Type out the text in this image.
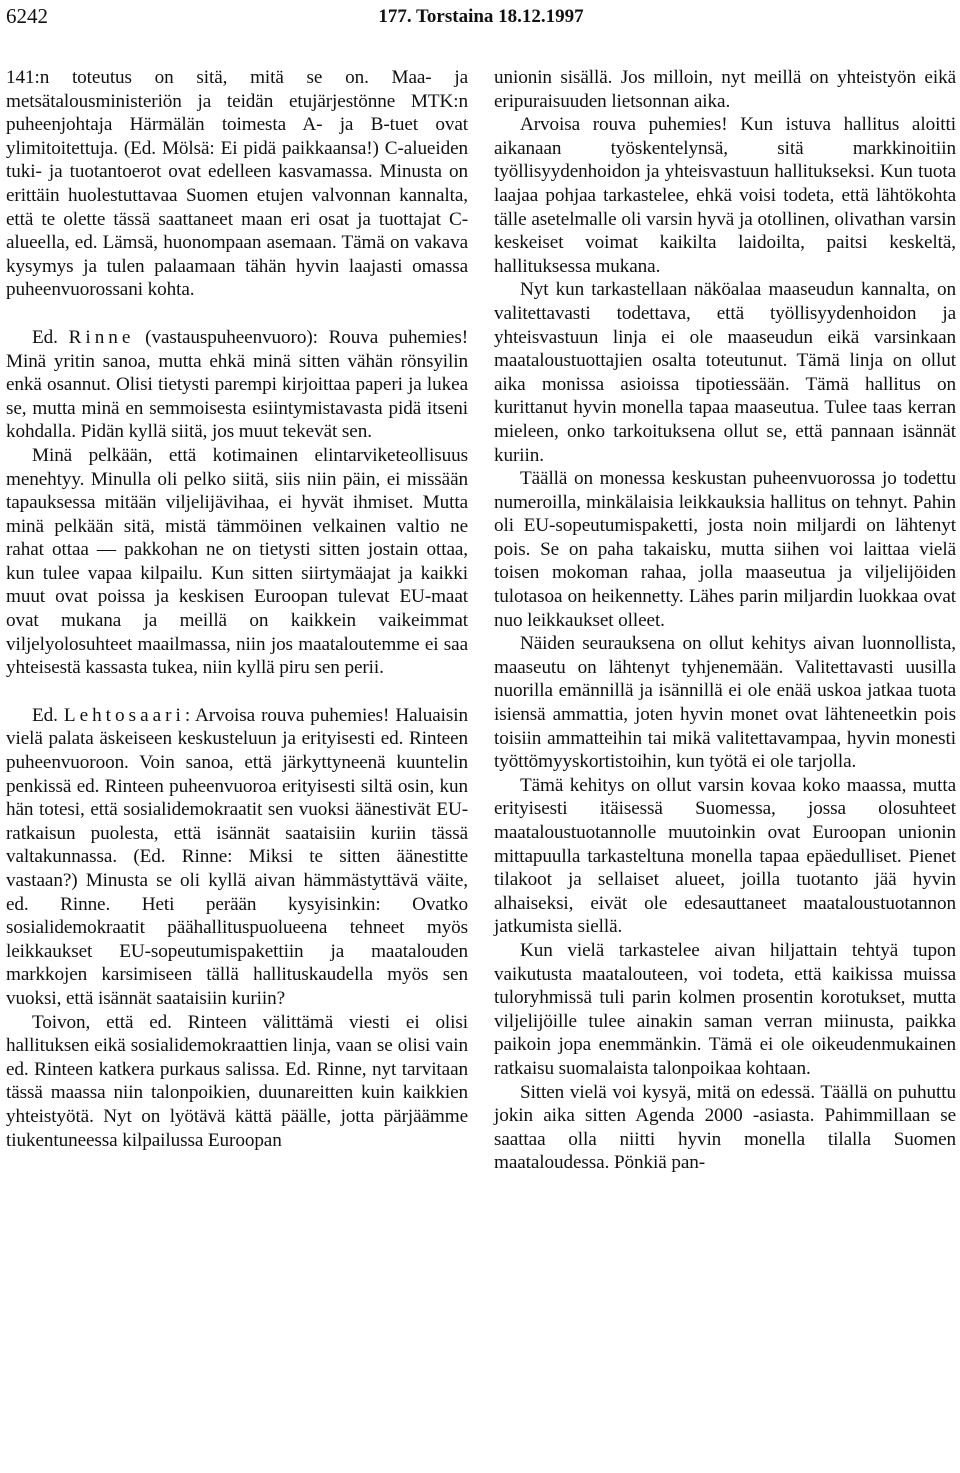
6242	177. Torstaina 18.12.1997

141:n toteutus on sitä, mitä se on. Maa- ja metsätalousministeriön ja teidän etujärjestönne MTK:n puheenjohtaja Härmälän toimesta A- ja B-tuet ovat ylimitoitettuja. (Ed. Mölsä: Ei pidä paikkaansa!) C-alueiden tuki- ja tuotantoerot ovat edelleen kasvamassa. Minusta on erittäin huolestuttavaa Suomen etujen valvonnan kannalta, että te olette tässä saattaneet maan eri osat ja tuottajat C-alueella, ed. Lämsä, huonompaan asemaan. Tämä on vakava kysymys ja tulen palaamaan tähän hyvin laajasti omassa puheenvuorossani kohta.

Ed. Rinne (vastauspuheenvuoro): Rouva puhemies! Minä yritin sanoa, mutta ehkä minä sitten vähän rönsyilin enkä osannut. Olisi tietysti parempi kirjoittaa paperi ja lukea se, mutta minä en semmoisesta esiintymistavasta pidä itseni kohdalla. Pidän kyllä siitä, jos muut tekevät sen.

Minä pelkään, että kotimainen elintarviketeollisuus menehtyy. Minulla oli pelko siitä, siis niin päin, ei missään tapauksessa mitään viljelijävihaa, ei hyvät ihmiset. Mutta minä pelkään sitä, mistä tämmöinen velkainen valtio ne rahat ottaa — pakkohan ne on tietysti sitten jostain ottaa, kun tulee vapaa kilpailu. Kun sitten siirtymäajat ja kaikki muut ovat poissa ja keskisen Euroopan tulevat EU-maat ovat mukana ja meillä on kaikkein vaikeimmat viljelyolosuhteet maailmassa, niin jos maataloutemme ei saa yhteisestä kassasta tukea, niin kyllä piru sen perii.

Ed. Lehtosaari: Arvoisa rouva puhemies! Haluaisin vielä palata äskeiseen keskusteluun ja erityisesti ed. Rinteen puheenvuoroon. Voin sanoa, että järkyttyneenä kuuntelin penkissä ed. Rinteen puheenvuoroa erityisesti siltä osin, kun hän totesi, että sosialidemokraatit sen vuoksi äänestivät EU-ratkaisun puolesta, että isännät saataisiin kuriin tässä valtakunnassa. (Ed. Rinne: Miksi te sitten äänestitte vastaan?) Minusta se oli kyllä aivan hämmästyttävä väite, ed. Rinne. Heti perään kysyisinkin: Ovatko sosialidemokraatit päähallituspuolueena tehneet myös leikkaukset EU-sopeutumispakettiin ja maatalouden markkojen karsimiseen tällä hallituskaudella myös sen vuoksi, että isännät saataisiin kuriin?

Toivon, että ed. Rinteen välittämä viesti ei olisi hallituksen eikä sosialidemokraattien linja, vaan se olisi vain ed. Rinteen katkera purkaus salissa. Ed. Rinne, nyt tarvitaan tässä maassa niin talonpoikien, duunareitten kuin kaikkien yhteistyötä. Nyt on lyötävä kättä päälle, jotta pärjäämme tiukentuneessa kilpailussa Euroopan

unionin sisällä. Jos milloin, nyt meillä on yhteistyön eikä eripuraisuuden lietsonnan aika.

Arvoisa rouva puhemies! Kun istuva hallitus aloitti aikanaan työskentelynsä, sitä markkinoitiin työllisyydenhoidon ja yhteisvastuun hallitukseksi. Kun tuota laajaa pohjaa tarkastelee, ehkä voisi todeta, että lähtökohta tälle asetelmalle oli varsin hyvä ja otollinen, olivathan varsin keskeiset voimat kaikilta laidoilta, paitsi keskeltä, hallituksessa mukana.

Nyt kun tarkastellaan näköalaa maaseudun kannalta, on valitettavasti todettava, että työllisyydenhoidon ja yhteisvastuun linja ei ole maaseudun eikä varsinkaan maataloustuottajien osalta toteutunut. Tämä linja on ollut aika monissa asioissa tipotiessään. Tämä hallitus on kurittanut hyvin monella tapaa maaseutua. Tulee taas kerran mieleen, onko tarkoituksena ollut se, että pannaan isännät kuriin.

Täällä on monessa keskustan puheenvuorossa jo todettu numeroilla, minkälaisia leikkauksia hallitus on tehnyt. Pahin oli EU-sopeutumispaketti, josta noin miljardi on lähtenyt pois. Se on paha takaisku, mutta siihen voi laittaa vielä toisen mokoman rahaa, jolla maaseutua ja viljelijöiden tulotasoa on heikennetty. Lähes parin miljardin luokkaa ovat nuo leikkaukset olleet.

Näiden seurauksena on ollut kehitys aivan luonnollista, maaseutu on lähtenyt tyhjenemään. Valitettavasti uusilla nuorilla emännillä ja isännillä ei ole enää uskoa jatkaa tuota isiensä ammattia, joten hyvin monet ovat lähteneetkin pois toisiin ammatteihin tai mikä valitettavampaa, hyvin monesti työttömyyskortistoihin, kun työtä ei ole tarjolla.

Tämä kehitys on ollut varsin kovaa koko maassa, mutta erityisesti itäisessä Suomessa, jossa olosuhteet maataloustuotannolle muutoinkin ovat Euroopan unionin mittapuulla tarkasteltuna monella tapaa epäedulliset. Pienet tilakoot ja sellaiset alueet, joilla tuotanto jää hyvin alhaiseksi, eivät ole edesauttaneet maataloustuotannon jatkumista siellä.

Kun vielä tarkastelee aivan hiljattain tehtyä tupon vaikutusta maatalouteen, voi todeta, että kaikissa muissa tuloryhmissä tuli parin kolmen prosentin korotukset, mutta viljelijöille tulee ainakin saman verran miinusta, paikka paikoin jopa enemmänkin. Tämä ei ole oikeudenmukainen ratkaisu suomalaista talonpoikaa kohtaan.

Sitten vielä voi kysyä, mitä on edessä. Täällä on puhuttu jokin aika sitten Agenda 2000 -asiasta. Pahimmillaan se saattaa olla niitti hyvin monella tilalla Suomen maataloudessa. Pönkiä pan-
